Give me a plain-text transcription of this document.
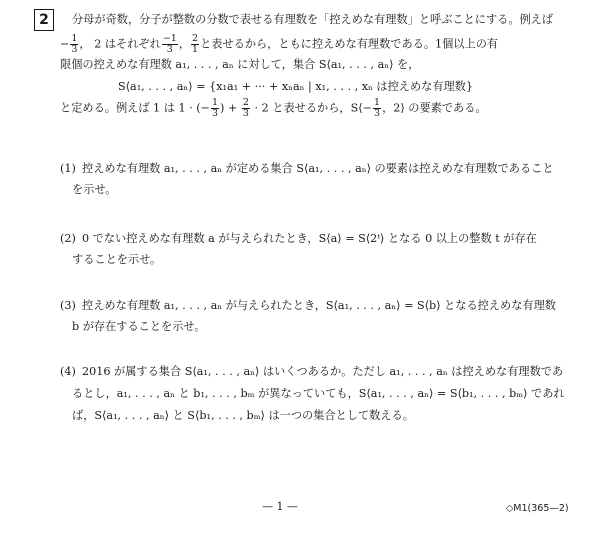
2	分母が奇数，分子が整数の分数で表せる有理数を「控えめな有理数」と呼ぶことにする。例えば
− $\frac{1}{3}$ ， 2 はそれぞれ $\frac{-1}{3}$ ， $\frac{2}{1}$ と表せるから，ともに控えめな有理数である。1個以上の有
限個の控えめな有理数 a₁, . . . , aₙ に対して，集合 S⟨a₁, . . . , aₙ⟩ を，
S⟨a₁, . . . , aₙ⟩ = {x₁a₁ + ··· + xₙaₙ | x₁, . . . , xₙ は控えめな有理数}
と定める。例えば 1 は 1 · (− $\frac{1}{3}$ ) + $\frac{2}{3} \cdot 2$ と表せるから，S⟨− $\frac{1}{3}$ ，2⟩ の要素である。
(1) 控えめな有理数 a₁, . . . , aₙ が定める集合 S⟨a₁, . . . , aₙ⟩ の要素は控えめな有理数であること
を示せ。
(2) 0 でない控えめな有理数 a が与えられたとき，S⟨a⟩ = S⟨2ᵗ⟩ となる 0 以上の整数 t が存在
することを示せ。
(3) 控えめな有理数 a₁, . . . , aₙ が与えられたとき，S⟨a₁, . . . , aₙ⟩ = S⟨b⟩ となる控えめな有理数
b が存在することを示せ。
(4) 2016 が属する集合 S⟨a₁, . . . , aₙ⟩ はいくつあるか。ただし a₁, . . . , aₙ は控えめな有理数であ
るとし，a₁, . . . , aₙ と b₁, . . . , bₘ が異なっていても，S⟨a₁, . . . , aₙ⟩ = S⟨b₁, . . . , bₘ⟩ であれ
ば，S⟨a₁, . . . , aₙ⟩ と S⟨b₁, . . . , bₘ⟩ は一つの集合として数える。
— 1 —	◇M1(365—2)
